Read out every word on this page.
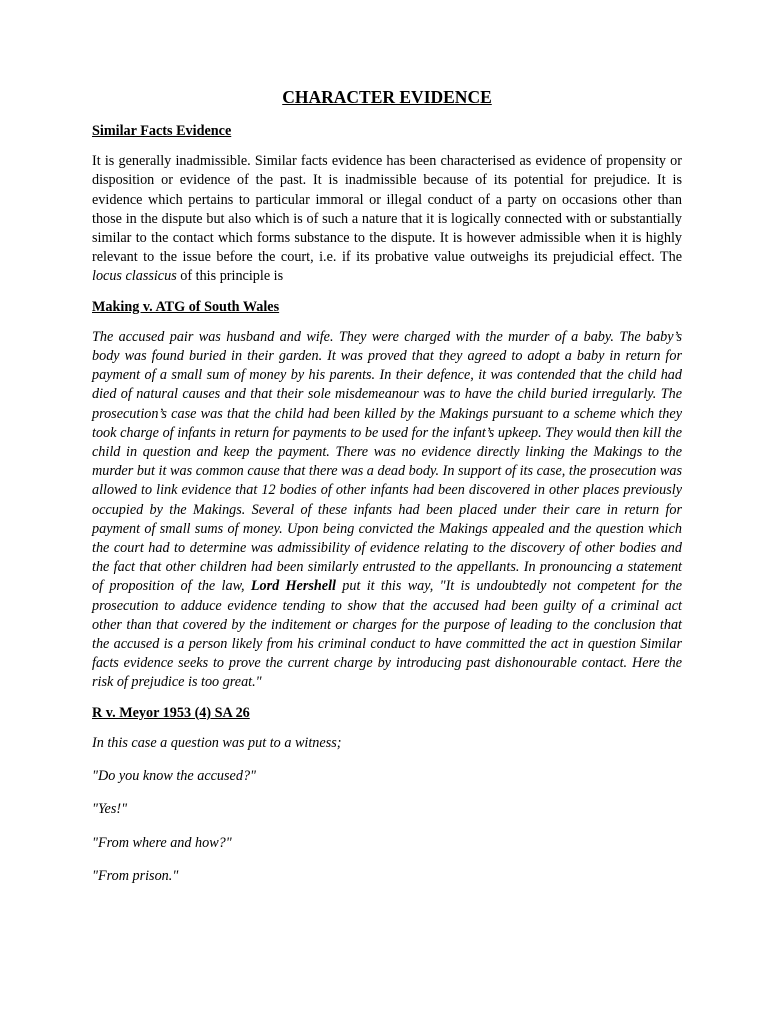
CHARACTER EVIDENCE
Similar Facts Evidence

It is generally inadmissible. Similar facts evidence has been characterised as evidence of propensity or disposition or evidence of the past. It is inadmissible because of its potential for prejudice. It is evidence which pertains to particular immoral or illegal conduct of a party on occasions other than those in the dispute but also which is of such a nature that it is logically connected with or substantially similar to the contact which forms substance to the dispute. It is however admissible when it is highly relevant to the issue before the court, i.e. if its probative value outweighs its prejudicial effect. The locus classicus of this principle is

Making v. ATG of South Wales

The accused pair was husband and wife. They were charged with the murder of a baby. The baby’s body was found buried in their garden. It was proved that they agreed to adopt a baby in return for payment of a small sum of money by his parents. In their defence, it was contended that the child had died of natural causes and that their sole misdemeanour was to have the child buried irregularly. The prosecution’s case was that the child had been killed by the Makings pursuant to a scheme which they took charge of infants in return for payments to be used for the infant’s upkeep. They would then kill the child in question and keep the payment. There was no evidence directly linking the Makings to the murder but it was common cause that there was a dead body. In support of its case, the prosecution was allowed to link evidence that 12 bodies of other infants had been discovered in other places previously occupied by the Makings. Several of these infants had been placed under their care in return for payment of small sums of money. Upon being convicted the Makings appealed and the question which the court had to determine was admissibility of evidence relating to the discovery of other bodies and the fact that other children had been similarly entrusted to the appellants. In pronouncing a statement of proposition of the law, Lord Hershell put it this way, "It is undoubtedly not competent for the prosecution to adduce evidence tending to show that the accused had been guilty of a criminal act other than that covered by the inditement or charges for the purpose of leading to the conclusion that the accused is a person likely from his criminal conduct to have committed the act in question Similar facts evidence seeks to prove the current charge by introducing past dishonourable contact. Here the risk of prejudice is too great."

R v. Meyor 1953 (4) SA 26

In this case a question was put to a witness;

"Do you know the accused?"

"Yes!"

"From where and how?"

"From prison."
